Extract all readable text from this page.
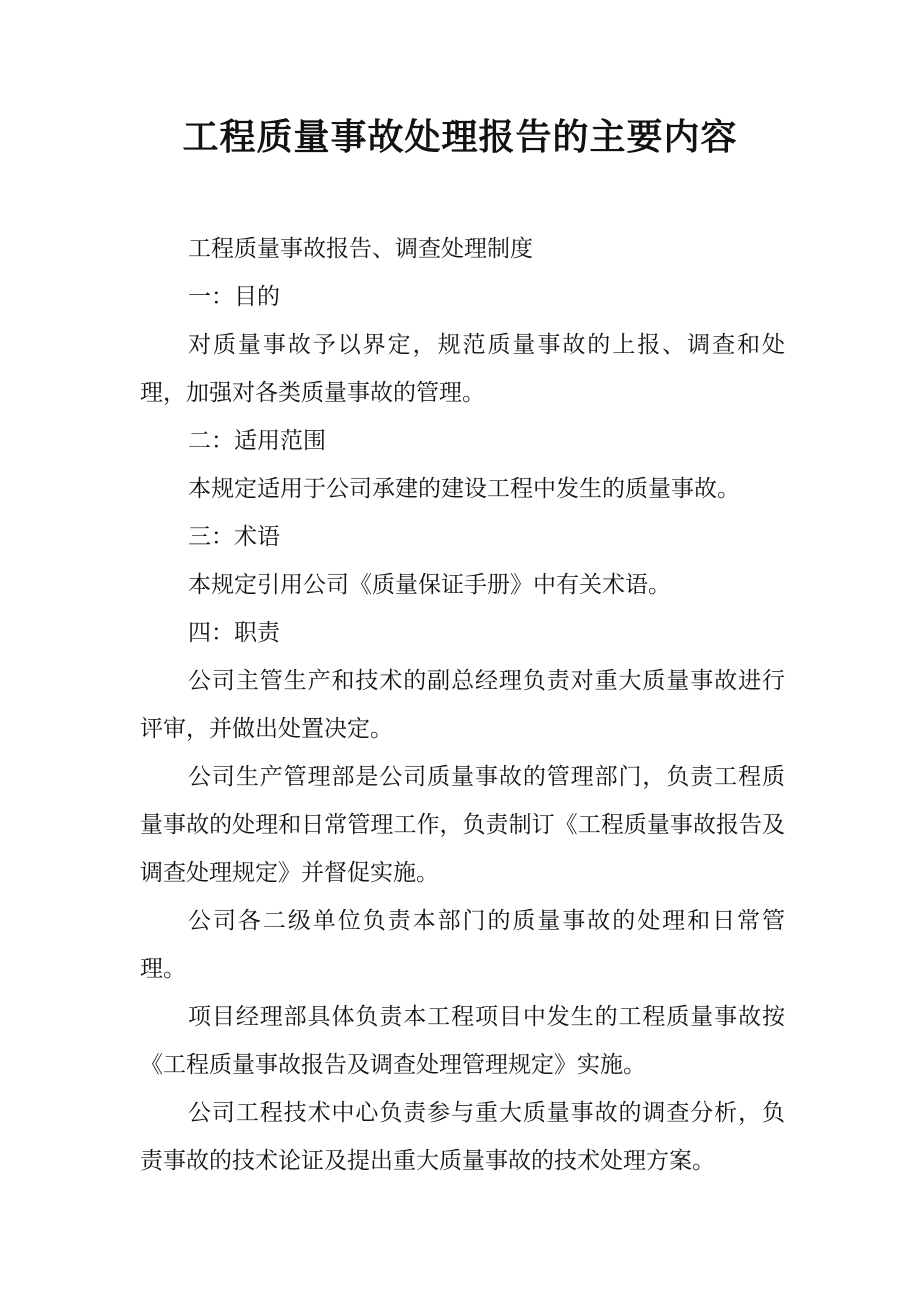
工程质量事故处理报告的主要内容

工程质量事故报告、调查处理制度

一：目的

对质量事故予以界定，规范质量事故的上报、调查和处理，加强对各类质量事故的管理。

二：适用范围

本规定适用于公司承建的建设工程中发生的质量事故。

三：术语

本规定引用公司《质量保证手册》中有关术语。

四：职责

公司主管生产和技术的副总经理负责对重大质量事故进行评审，并做出处置决定。

公司生产管理部是公司质量事故的管理部门，负责工程质量事故的处理和日常管理工作，负责制订《工程质量事故报告及调查处理规定》并督促实施。

公司各二级单位负责本部门的质量事故的处理和日常管理。

项目经理部具体负责本工程项目中发生的工程质量事故按《工程质量事故报告及调查处理管理规定》实施。

公司工程技术中心负责参与重大质量事故的调查分析，负责事故的技术论证及提出重大质量事故的技术处理方案。
